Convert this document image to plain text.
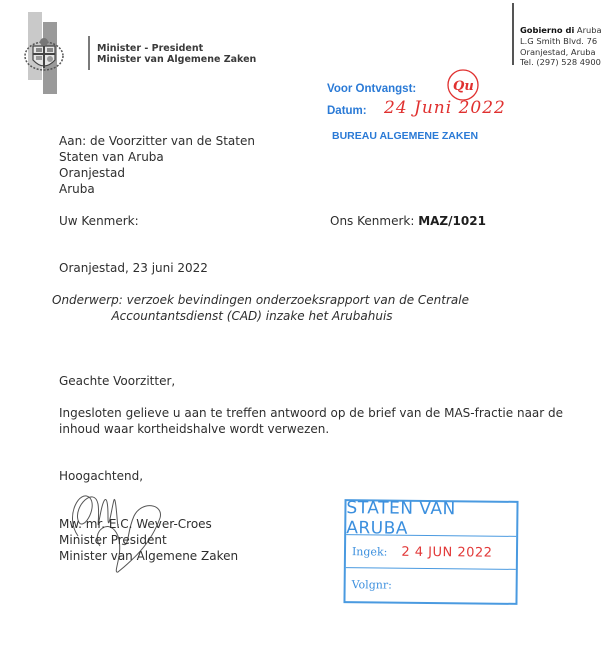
Minister - President
Minister van Algemene Zaken
Gobierno di Aruba
L.G Smith Blvd. 76
Oranjestad, Aruba
Tel. (297) 528 4900
Voor Ontvangst:	Qu
Datum: 24 Juni 2022
BUREAU ALGEMENE ZAKEN
Aan: de Voorzitter van de Staten
Staten van Aruba
Oranjestad
Aruba
Uw Kenmerk:	Ons Kenmerk: MAZ/1021
Oranjestad, 23 juni 2022
Onderwerp: verzoek bevindingen onderzoeksrapport van de Centrale
Accountantsdienst (CAD) inzake het Arubahuis
Geachte Voorzitter,
Ingesloten gelieve u aan te treffen antwoord op de brief van de MAS-fractie naar de
inhoud waar kortheidshalve wordt verwezen.
Hoogachtend,
Mw. mr. E.C. Wever-Croes
Minister President
Minister van Algemene Zaken
STATEN VAN ARUBA
Ingek: 2 4 JUN 2022
Volgnr:
